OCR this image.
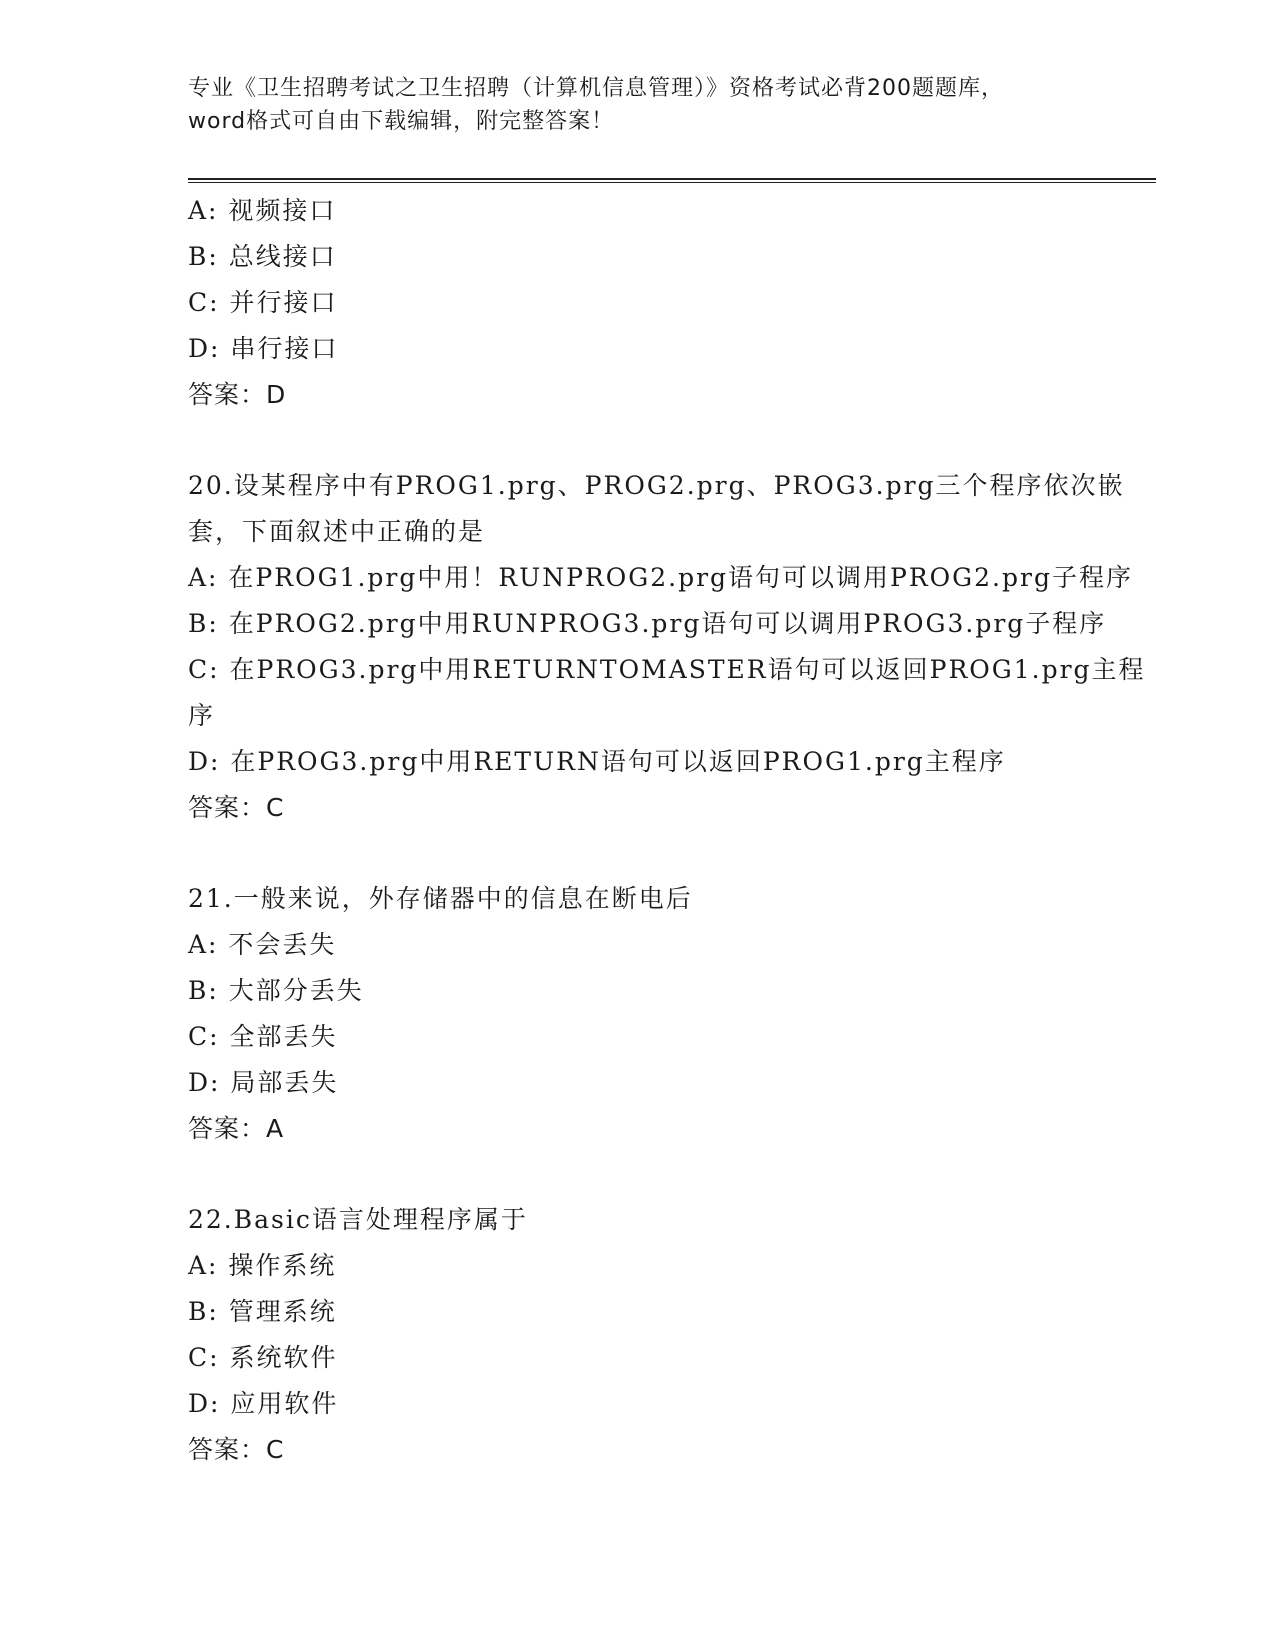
专业《卫生招聘考试之卫生招聘（计算机信息管理）》资格考试必背200题题库，
word格式可自由下载编辑，附完整答案！
A: 视频接口
B: 总线接口
C: 并行接口
D: 串行接口
答案：D
20.设某程序中有PROG1.prg、PROG2.prg、PROG3.prg三个程序依次嵌
套，下面叙述中正确的是
A: 在PROG1.prg中用！RUNPROG2.prg语句可以调用PROG2.prg子程序
B: 在PROG2.prg中用RUNPROG3.prg语句可以调用PROG3.prg子程序
C: 在PROG3.prg中用RETURNTOMASTER语句可以返回PROG1.prg主程
序
D: 在PROG3.prg中用RETURN语句可以返回PROG1.prg主程序
答案：C
21.一般来说，外存储器中的信息在断电后
A: 不会丢失
B: 大部分丢失
C: 全部丢失
D: 局部丢失
答案：A
22.Basic语言处理程序属于
A: 操作系统
B: 管理系统
C: 系统软件
D: 应用软件
答案：C
